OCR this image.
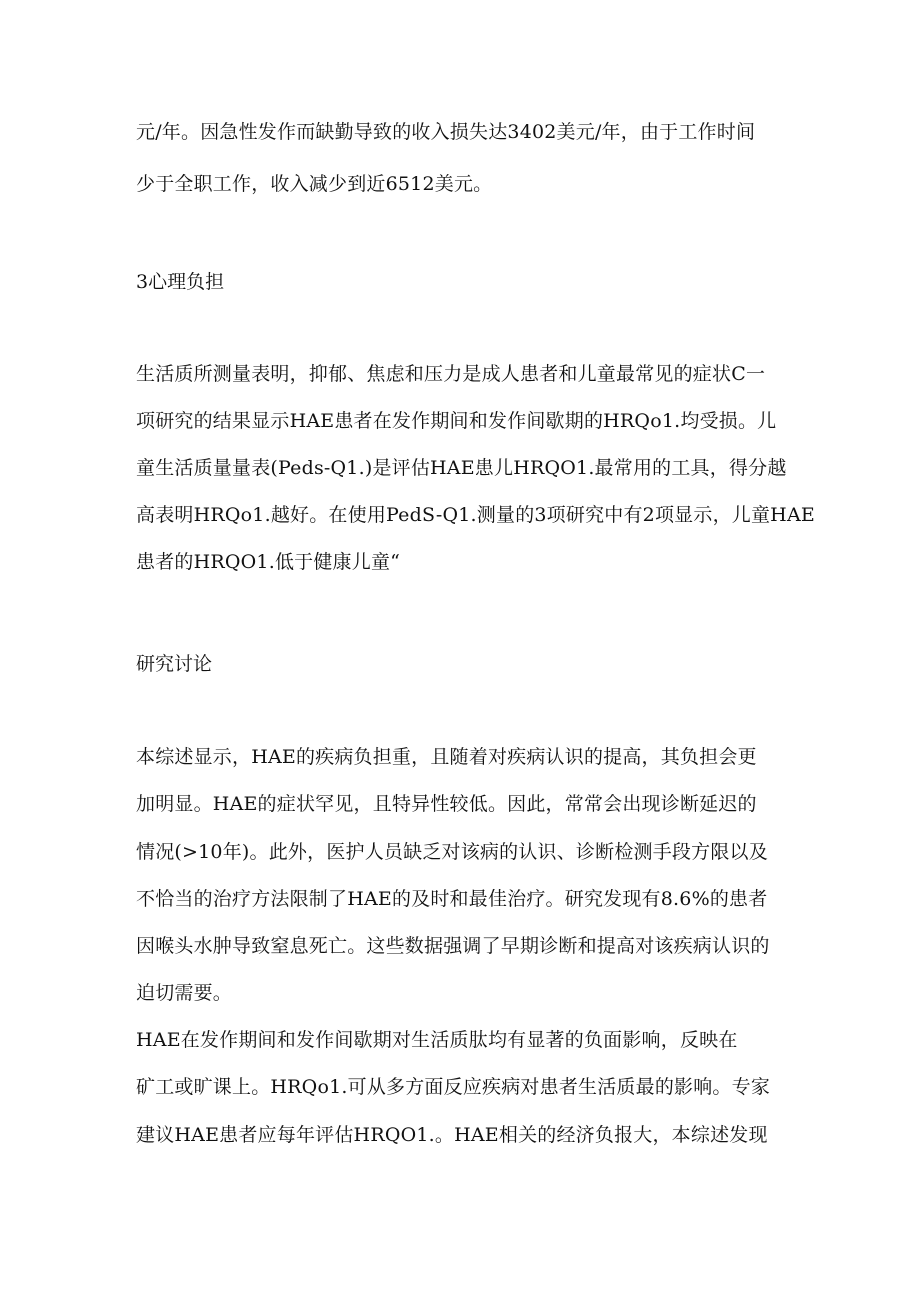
元/年。因急性发作而缺勤导致的收入损失达3402美元/年，由于工作时间
少于全职工作，收入减少到近6512美元。
3心理负担
生活质所测量表明，抑郁、焦虑和压力是成人患者和儿童最常见的症状C一
项研究的结果显示HAE患者在发作期间和发作间歇期的HRQo1.均受损。儿
童生活质量量表(Peds-Q1.)是评估HAE患儿HRQO1.最常用的工具，得分越
高表明HRQo1.越好。在使用PedS-Q1.测量的3项研究中有2项显示，儿童HAE
患者的HRQO1.低于健康儿童“
研究讨论
本综述显示，HAE的疾病负担重，且随着对疾病认识的提高，其负担会更
加明显。HAE的症状罕见，且特异性较低。因此，常常会出现诊断延迟的
情况(>10年)。此外，医护人员缺乏对该病的认识、诊断检测手段方限以及
不恰当的治疗方法限制了HAE的及时和最佳治疗。研究发现有8.6%的患者
因喉头水肿导致窒息死亡。这些数据强调了早期诊断和提高对该疾病认识的
迫切需要。
HAE在发作期间和发作间歇期对生活质肽均有显著的负面影响，反映在
矿工或旷课上。HRQo1.可从多方面反应疾病对患者生活质最的影响。专家
建议HAE患者应每年评估HRQO1.。HAE相关的经济负报大，本综述发现
